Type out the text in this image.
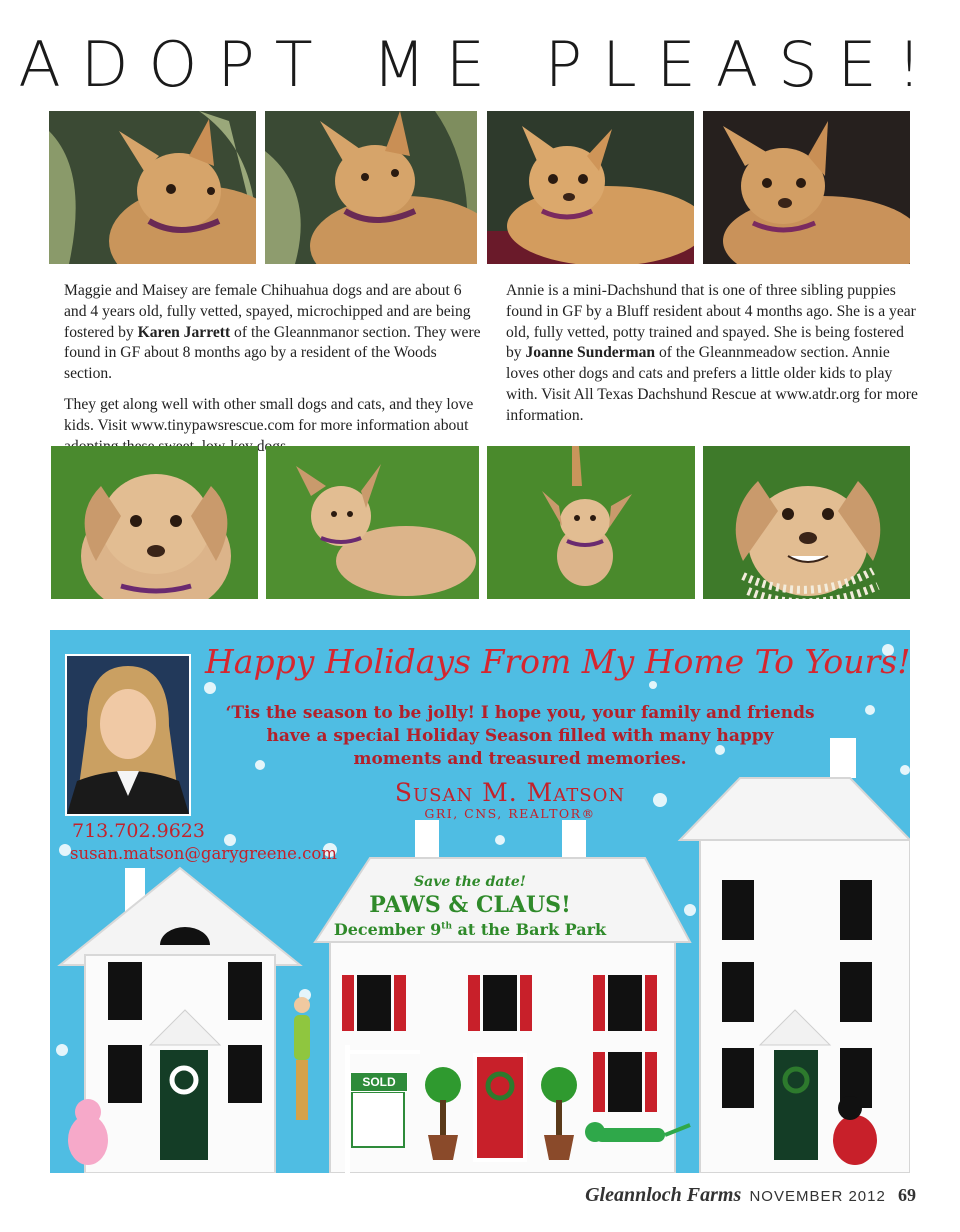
ADOPT ME PLEASE!

Maggie and Maisey are female Chihuahua dogs and are about 6 and 4 years old, fully vetted, spayed, microchipped and are being fostered by Karen Jarrett of the Gleannmanor section. They were found in GF about 8 months ago by a resident of the Woods section.

They get along well with other small dogs and cats, and they love kids. Visit www.tinypawsrescue.com for more information about

Annie is a mini-Dachshund that is one of three sibling puppies found in GF by a Bluff resident about 4 months ago. She is a year old, fully vetted, potty trained and spayed. She is being fostered by Joanne Sunderman of the Gleannmeadow section. Annie loves other dogs and cats and prefers a little older kids to play with. Visit All Texas Dachshund Rescue at www.atdr.org for more information.

Happy Holidays From My Home To Yours!
‘Tis the season to be jolly! I hope you, your family and friends have a special Holiday Season filled with many happy moments and treasured memories.
Susan M. Matson
GRI, CNS, REALTOR®
713.702.9623
susan.matson@garygreene.com
Save the date!
PAWS & CLAUS!
December 9th at the Bark Park
SOLD
Gleannloch Farms NOVEMBER 2012 69
